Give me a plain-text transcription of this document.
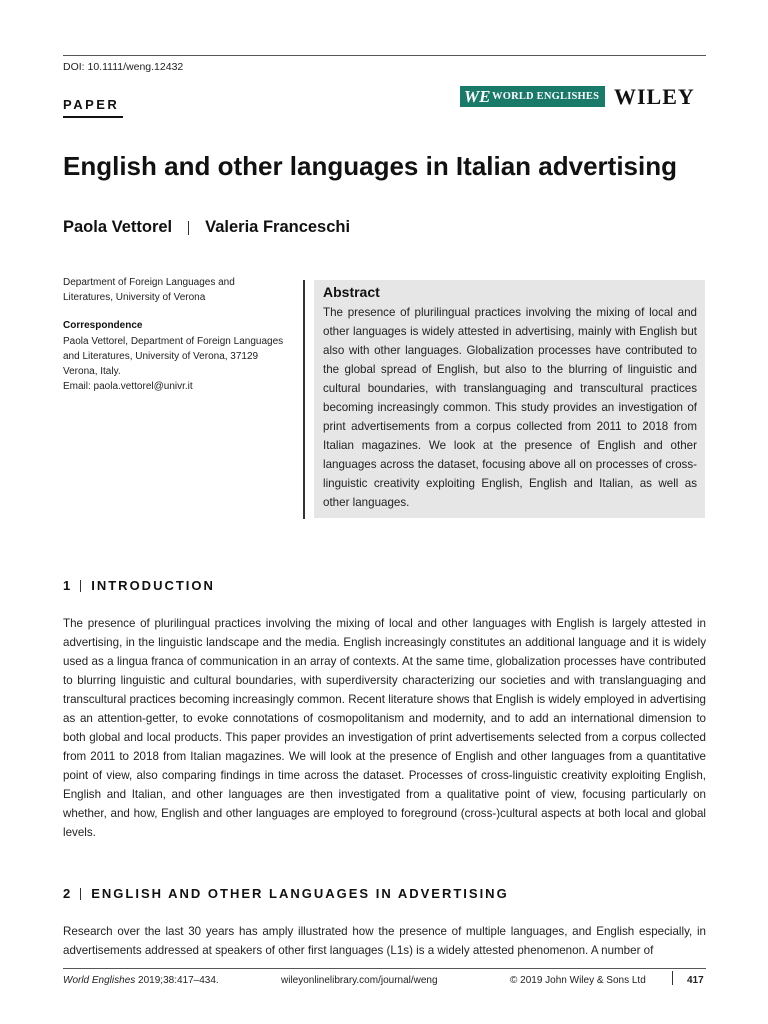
DOI: 10.1111/weng.12432
PAPER	WE WORLD ENGLISHES WILEY
English and other languages in Italian advertising
Paola Vettorel Valeria Franceschi
Department of Foreign Languages and Literatures, University of Verona
Correspondence
Paola Vettorel, Department of Foreign Languages
and Literatures, University of Verona, 37129
Verona, Italy.
Email: paola.vettorel@univr.it
Abstract
The presence of plurilingual practices involving the mixing of local and other languages is widely attested in advertising, mainly with English but also with other languages. Globalization processes have contributed to the global spread of English, but also to the blurring of linguistic and cultural boundaries, with translanguaging and transcultural practices becoming increasingly common. This study provides an investigation of print advertisements from a corpus collected from 2011 to 2018 from Italian magazines. We look at the presence of English and other languages across the dataset, focusing above all on processes of cross-linguistic creativity exploiting English, English and Italian, as well as other languages.
1 INTRODUCTION
The presence of plurilingual practices involving the mixing of local and other languages with English is largely attested in advertising, in the linguistic landscape and the media. English increasingly constitutes an additional language and it is widely used as a lingua franca of communication in an array of contexts. At the same time, globalization processes have contributed to blurring linguistic and cultural boundaries, with superdiversity characterizing our societies and with translanguaging and transcultural practices becoming increasingly common. Recent literature shows that English is widely employed in advertising as an attention-getter, to evoke connotations of cosmopolitanism and modernity, and to add an international dimension to both global and local products. This paper provides an investigation of print advertisements selected from a corpus collected from 2011 to 2018 from Italian magazines. We will look at the presence of English and other languages from a quantitative point of view, also comparing findings in time across the dataset. Processes of cross-linguistic creativity exploiting English, English and Italian, and other languages are then investigated from a qualitative point of view, focusing particularly on whether, and how, English and other languages are employed to foreground (cross-)cultural aspects at both local and global levels.
2 ENGLISH AND OTHER LANGUAGES IN ADVERTISING
Research over the last 30 years has amply illustrated how the presence of multiple languages, and English especially, in advertisements addressed at speakers of other first languages (L1s) is a widely attested phenomenon. A number of
World Englishes 2019;38:417–434.	wileyonlinelibrary.com/journal/weng	© 2019 John Wiley & Sons Ltd	417
